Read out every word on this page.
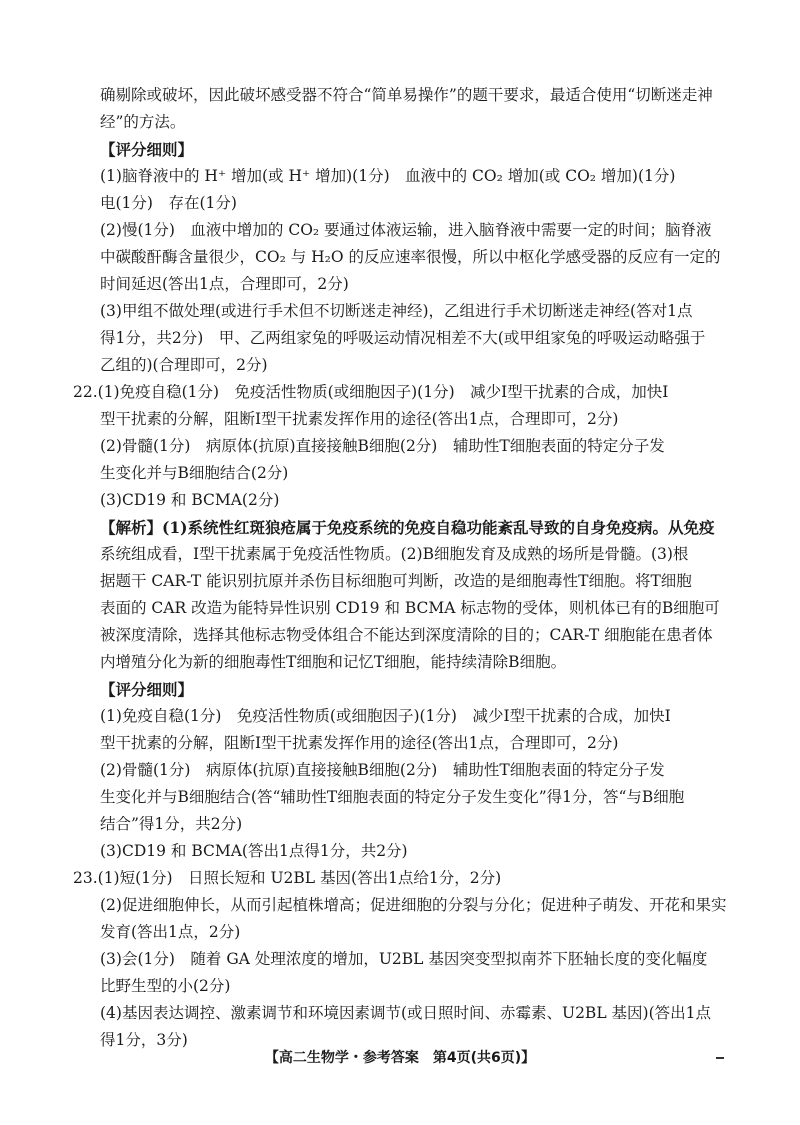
确剔除或破坏，因此破坏感受器不符合“简单易操作”的题干要求，最适合使用“切断迷走神
经”的方法。
【评分细则】
(1)脑脊液中的 H⁺ 增加(或 H⁺ 增加)(1分)　血液中的 CO₂ 增加(或 CO₂ 增加)(1分)
电(1分)　存在(1分)
(2)慢(1分)　血液中增加的 CO₂ 要通过体液运输，进入脑脊液中需要一定的时间；脑脊液
中碳酸酐酶含量很少，CO₂ 与 H₂O 的反应速率很慢，所以中枢化学感受器的反应有一定的
时间延迟(答出1点，合理即可，2分)
(3)甲组不做处理(或进行手术但不切断迷走神经)，乙组进行手术切断迷走神经(答对1点
得1分，共2分)　甲、乙两组家兔的呼吸运动情况相差不大(或甲组家兔的呼吸运动略强于
乙组的)(合理即可，2分)
22.(1)免疫自稳(1分)　免疫活性物质(或细胞因子)(1分)　减少Ⅰ型干扰素的合成，加快Ⅰ
型干扰素的分解，阻断Ⅰ型干扰素发挥作用的途径(答出1点，合理即可，2分)
(2)骨髓(1分)　病原体(抗原)直接接触B细胞(2分)　辅助性T细胞表面的特定分子发
生变化并与B细胞结合(2分)
(3)CD19 和 BCMA(2分)
【解析】(1)系统性红斑狼疮属于免疫系统的免疫自稳功能紊乱导致的自身免疫病。从免疫
系统组成看，Ⅰ型干扰素属于免疫活性物质。(2)B细胞发育及成熟的场所是骨髓。(3)根
据题干 CAR-T 能识别抗原并杀伤目标细胞可判断，改造的是细胞毒性T细胞。将T细胞
表面的 CAR 改造为能特异性识别 CD19 和 BCMA 标志物的受体，则机体已有的B细胞可
被深度清除，选择其他标志物受体组合不能达到深度清除的目的；CAR-T 细胞能在患者体
内增殖分化为新的细胞毒性T细胞和记忆T细胞，能持续清除B细胞。
【评分细则】
(1)免疫自稳(1分)　免疫活性物质(或细胞因子)(1分)　减少Ⅰ型干扰素的合成，加快Ⅰ
型干扰素的分解，阻断Ⅰ型干扰素发挥作用的途径(答出1点，合理即可，2分)
(2)骨髓(1分)　病原体(抗原)直接接触B细胞(2分)　辅助性T细胞表面的特定分子发
生变化并与B细胞结合(答“辅助性T细胞表面的特定分子发生变化”得1分，答“与B细胞
结合”得1分，共2分)
(3)CD19 和 BCMA(答出1点得1分，共2分)
23.(1)短(1分)　日照长短和 U2BL 基因(答出1点给1分，2分)
(2)促进细胞伸长，从而引起植株增高；促进细胞的分裂与分化；促进种子萌发、开花和果实
发育(答出1点，2分)
(3)会(1分)　随着 GA 处理浓度的增加，U2BL 基因突变型拟南芥下胚轴长度的变化幅度
比野生型的小(2分)
(4)基因表达调控、激素调节和环境因素调节(或日照时间、赤霉素、U2BL 基因)(答出1点
得1分，3分)
【高二生物学・参考答案　第4页(共6页)】
